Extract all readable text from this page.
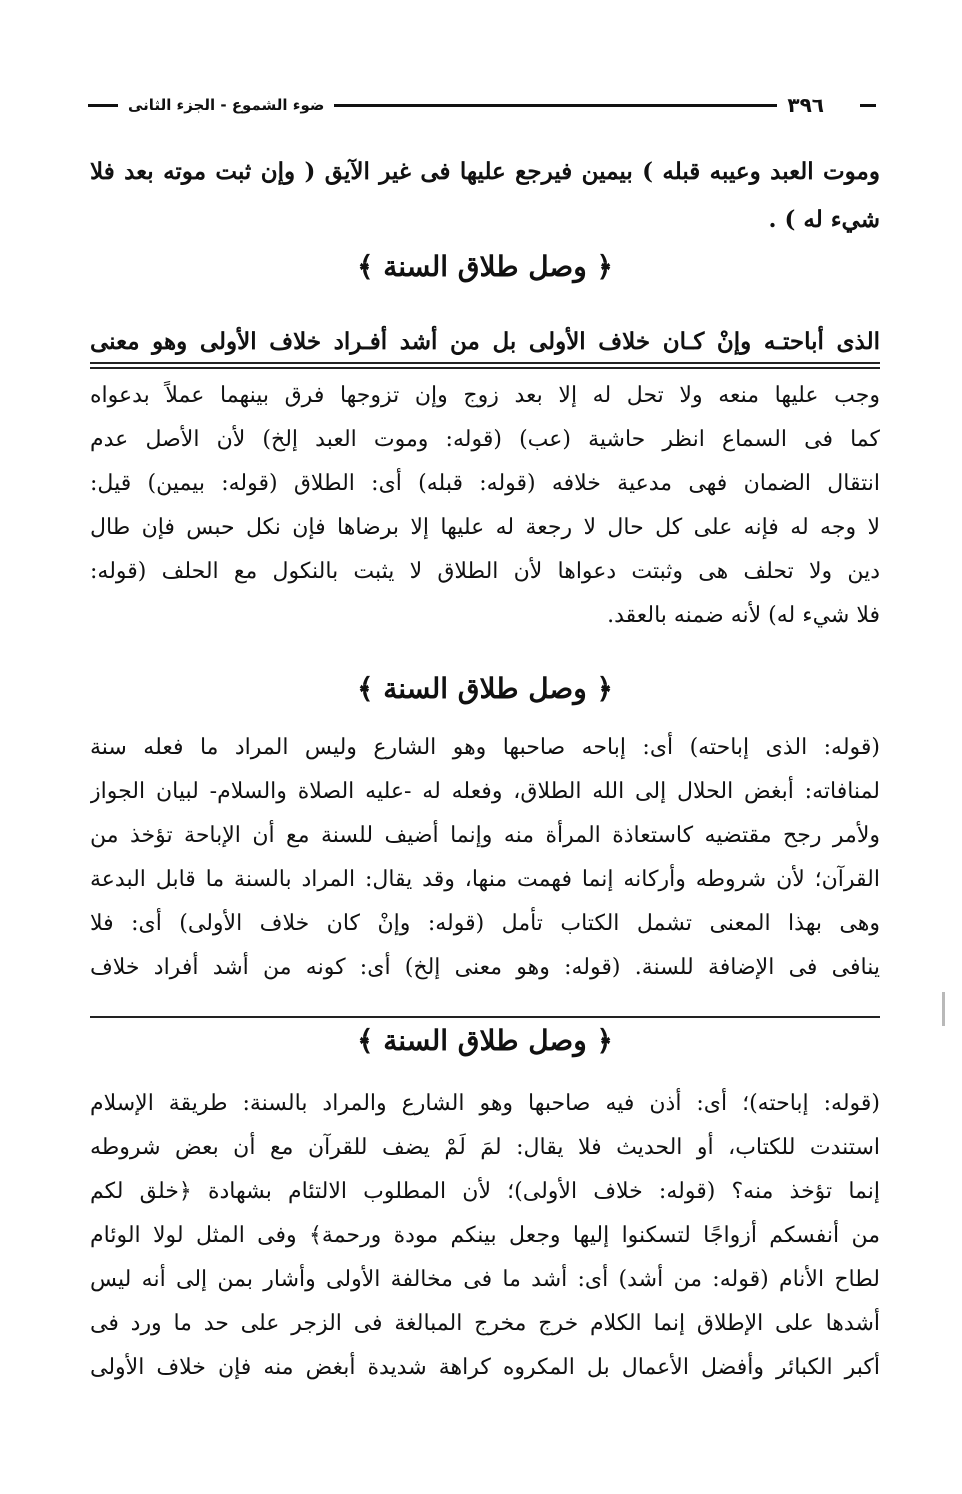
٣٩٦
ضوء الشموع - الجزء الثانى
وموت العبد وعيبه قبله ) بيمين فيرجع عليها فى غير الآيق ( وإن ثبت موته بعد فلا
شيء له ) .
﴿ وصل طلاق السنة ﴾
الذى أباحتـه وإنْ كـان خلاف الأولى بل من أشد أفـراد خلاف الأولى وهو معنى
وجب عليها منعه ولا تحل له إلا بعد زوج وإن تزوجها فرق بينهما عملاً بدعواه
كما فى السماع انظر حاشية (عب) (قوله: وموت العبد إلخ) لأن الأصل عدم
انتقال الضمان فهى مدعية خلافه (قوله: قبله) أى: الطلاق (قوله: بيمين) قيل:
لا وجه له فإنه على كل حال لا رجعة له عليها إلا برضاها فإن نكل حبس فإن طال
دين ولا تحلف هى وثبتت دعواها لأن الطلاق لا يثبت بالنكول مع الحلف (قوله:
فلا شيء له) لأنه ضمنه بالعقد.
﴿ وصل طلاق السنة ﴾
(قوله: الذى إباحته) أى: إباحه صاحبها وهو الشارع وليس المراد ما فعله سنة
لمنافاته: أبغض الحلال إلى الله الطلاق، وفعله له -عليه الصلاة والسلام- لبيان الجواز
ولأمر رجح مقتضيه كاستعاذة المرأة منه وإنما أضيف للسنة مع أن الإباحة تؤخذ من
القرآن؛ لأن شروطه وأركانه إنما فهمت منها، وقد يقال: المراد بالسنة ما قابل البدعة
وهى بهذا المعنى تشمل الكتاب تأمل (قوله: وإنْ كان خلاف الأولى) أى: فلا
ينافى فى الإضافة للسنة. (قوله: وهو معنى إلخ) أى: كونه من أشد أفراد خلاف
﴿ وصل طلاق السنة ﴾
(قوله: إباحته)؛ أى: أذن فيه صاحبها وهو الشارع والمراد بالسنة: طريقة الإسلام
استندت للكتاب، أو الحديث فلا يقال: لمَ لَمْ يضف للقرآن مع أن بعض شروطه
إنما تؤخذ منه؟ (قوله: خلاف الأولى)؛ لأن المطلوب الالتئام بشهادة ﴿خلق لكم
من أنفسكم أزواجًا لتسكنوا إليها وجعل بينكم مودة ورحمة﴾ وفى المثل لولا الوئام
لطاح الأنام (قوله: من أشد) أى: أشد ما فى مخالفة الأولى وأشار بمن إلى أنه ليس
أشدها على الإطلاق إنما الكلام خرج مخرج المبالغة فى الزجر على حد ما ورد فى
أكبر الكبائر وأفضل الأعمال بل المكروه كراهة شديدة أبغض منه فإن خلاف الأولى
